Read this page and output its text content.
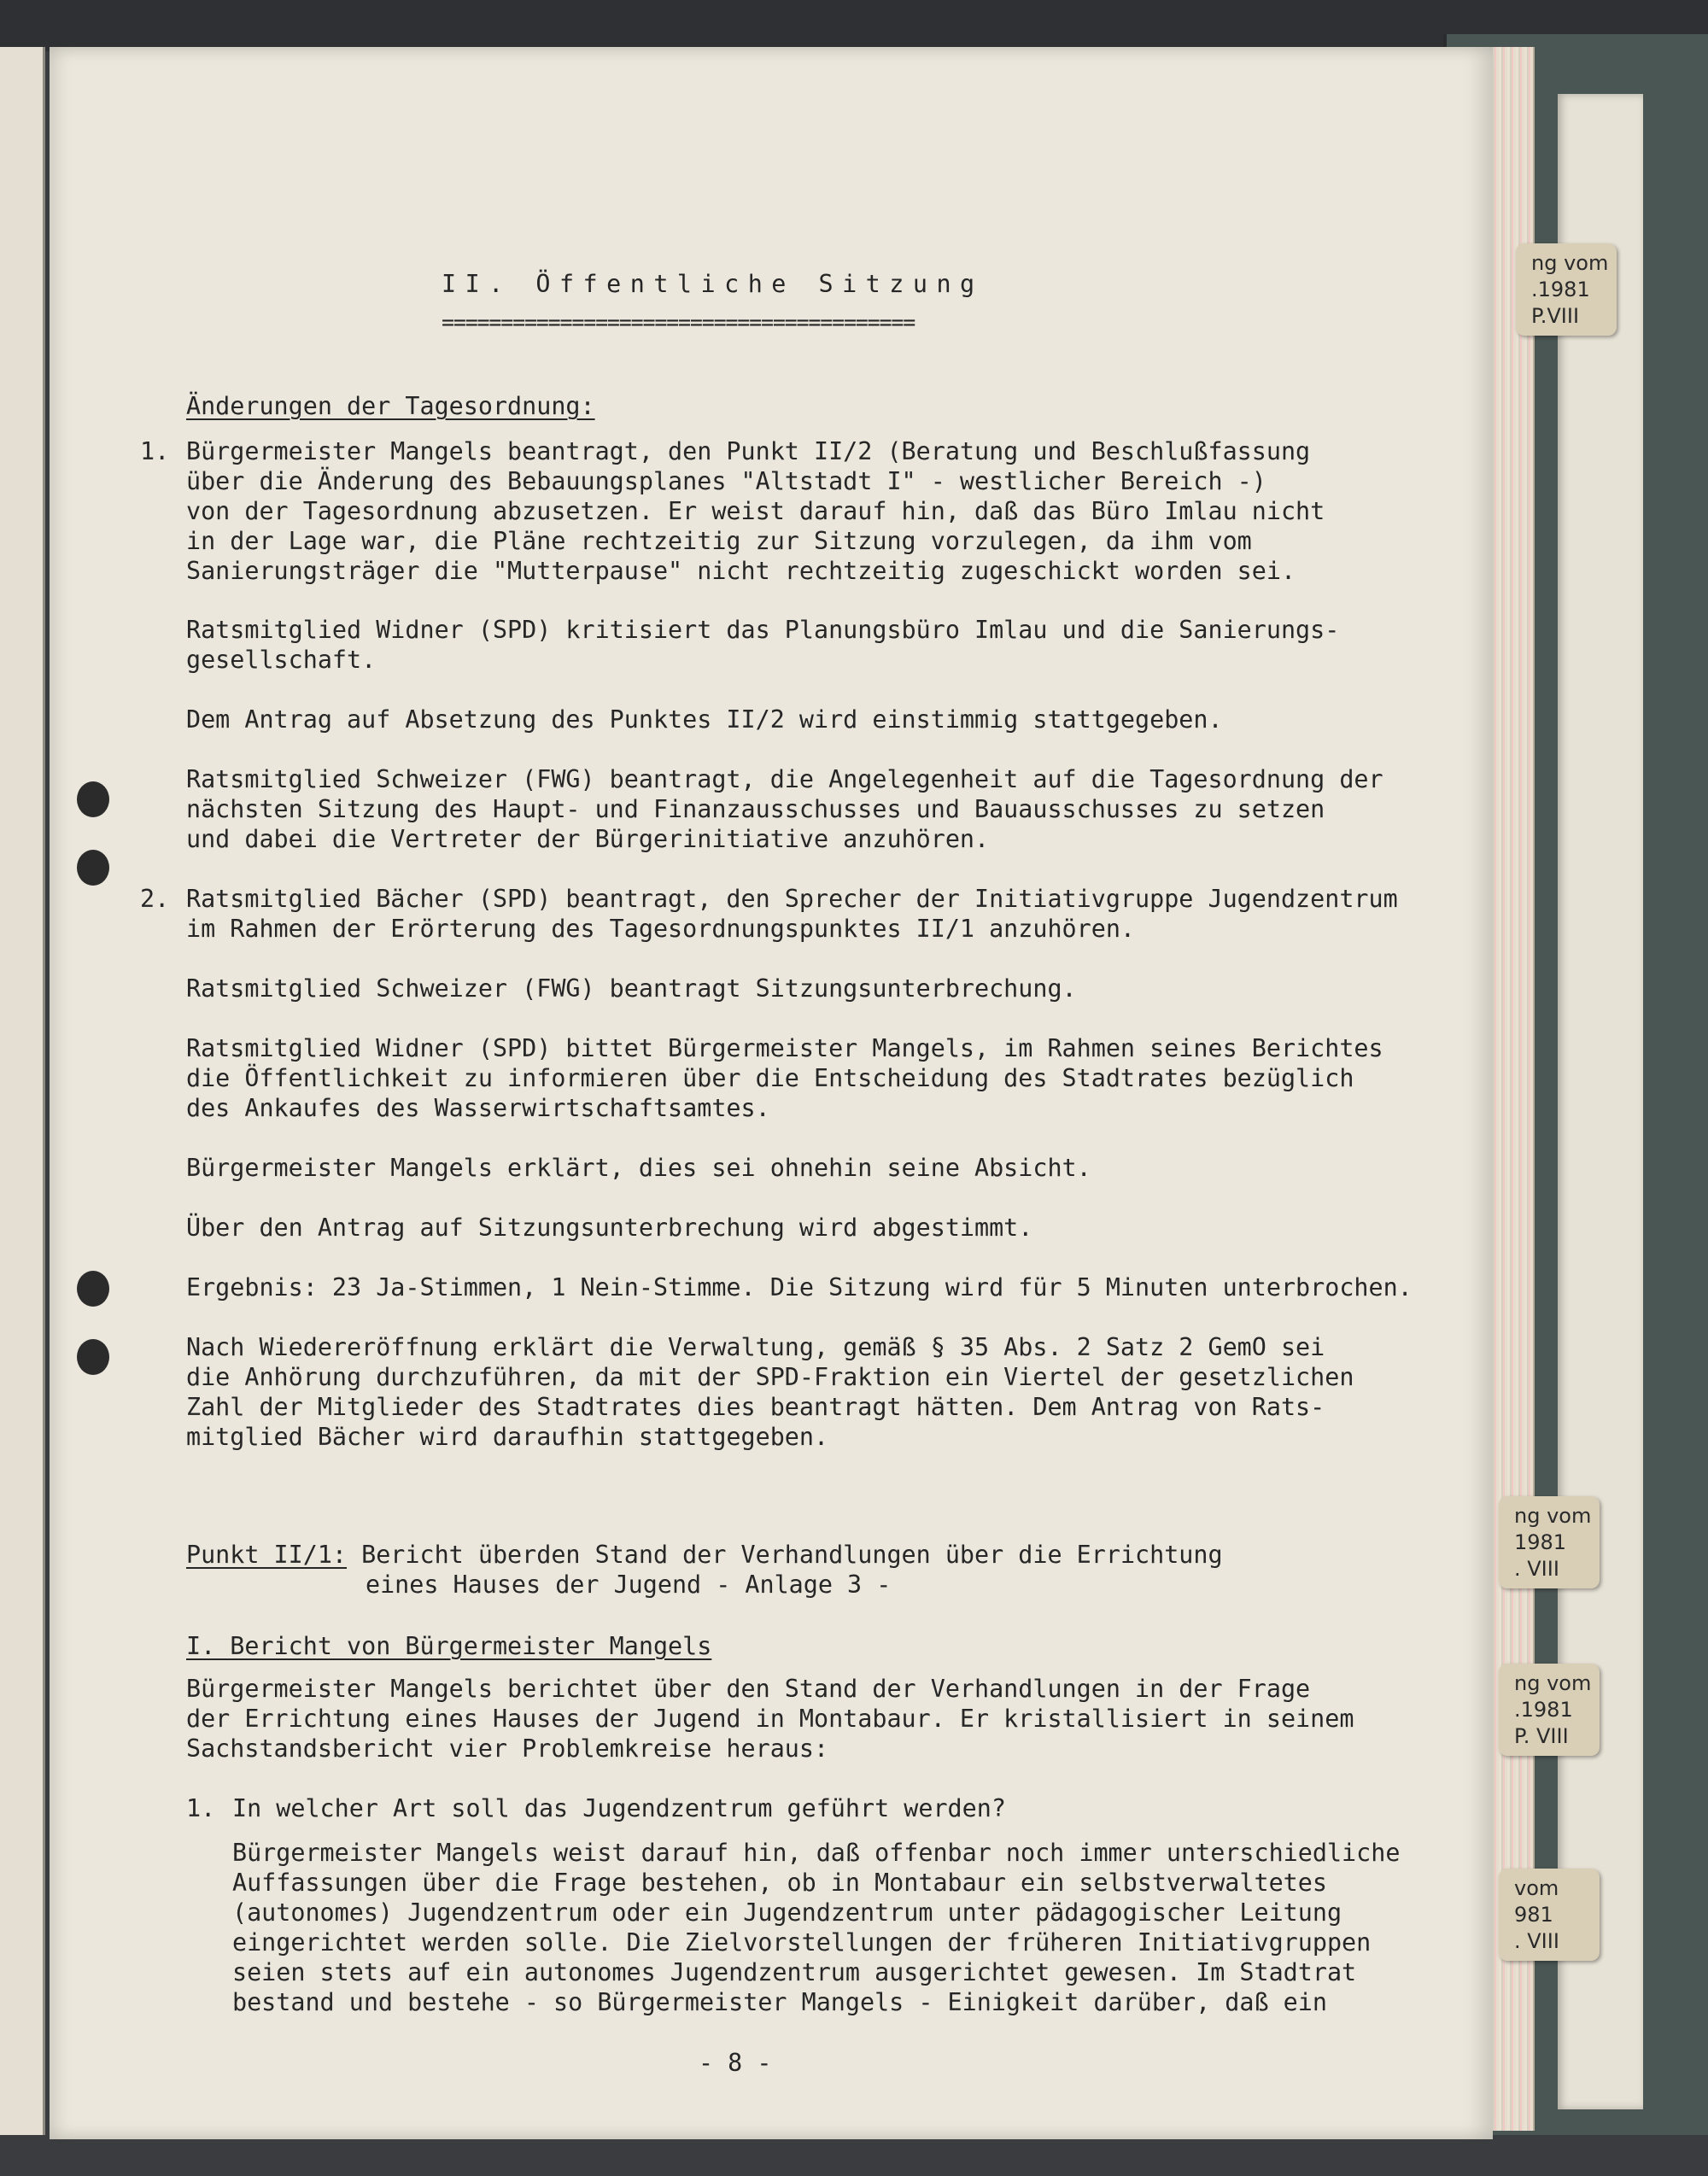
II. Öffentliche Sitzung
========================================
Änderungen der Tagesordnung:
1. Bürgermeister Mangels beantragt, den Punkt II/2 (Beratung und Beschlußfassung
über die Änderung des Bebauungsplanes "Altstadt I" - westlicher Bereich -)
von der Tagesordnung abzusetzen. Er weist darauf hin, daß das Büro Imlau nicht
in der Lage war, die Pläne rechtzeitig zur Sitzung vorzulegen, da ihm vom
Sanierungsträger die "Mutterpause" nicht rechtzeitig zugeschickt worden sei.
Ratsmitglied Widner (SPD) kritisiert das Planungsbüro Imlau und die Sanierungs-
gesellschaft.
Dem Antrag auf Absetzung des Punktes II/2 wird einstimmig stattgegeben.
Ratsmitglied Schweizer (FWG) beantragt, die Angelegenheit auf die Tagesordnung der
nächsten Sitzung des Haupt- und Finanzausschusses und Bauausschusses zu setzen
und dabei die Vertreter der Bürgerinitiative anzuhören.
2. Ratsmitglied Bächer (SPD) beantragt, den Sprecher der Initiativgruppe Jugendzentrum
im Rahmen der Erörterung des Tagesordnungspunktes II/1 anzuhören.
Ratsmitglied Schweizer (FWG) beantragt Sitzungsunterbrechung.
Ratsmitglied Widner (SPD) bittet Bürgermeister Mangels, im Rahmen seines Berichtes
die Öffentlichkeit zu informieren über die Entscheidung des Stadtrates bezüglich
des Ankaufes des Wasserwirtschaftsamtes.
Bürgermeister Mangels erklärt, dies sei ohnehin seine Absicht.
Über den Antrag auf Sitzungsunterbrechung wird abgestimmt.
Ergebnis: 23 Ja-Stimmen, 1 Nein-Stimme. Die Sitzung wird für 5 Minuten unterbrochen.
Nach Wiedereröffnung erklärt die Verwaltung, gemäß § 35 Abs. 2 Satz 2 GemO sei
die Anhörung durchzuführen, da mit der SPD-Fraktion ein Viertel der gesetzlichen
Zahl der Mitglieder des Stadtrates dies beantragt hätten. Dem Antrag von Rats-
mitglied Bächer wird daraufhin stattgegeben.
Punkt II/1: Bericht überden Stand der Verhandlungen über die Errichtung
eines Hauses der Jugend - Anlage 3 -
I. Bericht von Bürgermeister Mangels
Bürgermeister Mangels berichtet über den Stand der Verhandlungen in der Frage
der Errichtung eines Hauses der Jugend in Montabaur. Er kristallisiert in seinem
Sachstandsbericht vier Problemkreise heraus:
1. In welcher Art soll das Jugendzentrum geführt werden?
Bürgermeister Mangels weist darauf hin, daß offenbar noch immer unterschiedliche
Auffassungen über die Frage bestehen, ob in Montabaur ein selbstverwaltetes
(autonomes) Jugendzentrum oder ein Jugendzentrum unter pädagogischer Leitung
eingerichtet werden solle. Die Zielvorstellungen der früheren Initiativgruppen
seien stets auf ein autonomes Jugendzentrum ausgerichtet gewesen. Im Stadtrat
bestand und bestehe - so Bürgermeister Mangels - Einigkeit darüber, daß ein
- 8 -
ng vom
.1981
P.VIII
ng vom
1981
. VIII
ng vom
.1981
P. VIII
vom
981
. VIII
